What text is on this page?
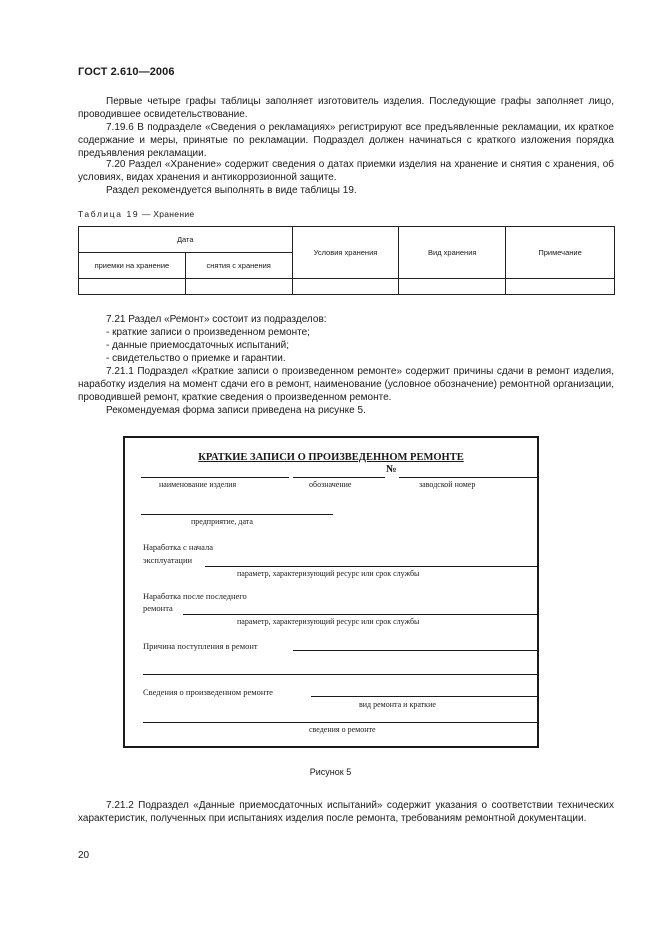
ГОСТ 2.610—2006
Первые четыре графы таблицы заполняет изготовитель изделия. Последующие графы заполняет лицо, проводившее освидетельствование.
7.19.6 В подразделе «Сведения о рекламациях» регистрируют все предъявленные рекламации, их краткое содержание и меры, принятые по рекламации. Подраздел должен начинаться с краткого изложения порядка предъявления рекламации.
7.20 Раздел «Хранение» содержит сведения о датах приемки изделия на хранение и снятия с хранения, об условиях, видах хранения и антикоррозионной защите.
Раздел рекомендуется выполнять в виде таблицы 19.
Таблица 19 — Хранение
Дата		Условия хранения	Вид хранения	Примечание
приемки на хранение	снятия с хранения			

7.21 Раздел «Ремонт» состоит из подразделов:
- краткие записи о произведенном ремонте;
- данные приемосдаточных испытаний;
- свидетельство о приемке и гарантии.
7.21.1 Подраздел «Краткие записи о произведенном ремонте» содержит причины сдачи в ремонт изделия, наработку изделия на момент сдачи его в ремонт, наименование (условное обозначение) ремонтной организации, проводившей ремонт, краткие сведения о произведенном ремонте.
Рекомендуемая форма записи приведена на рисунке 5.
КРАТКИЕ ЗАПИСИ О ПРОИЗВЕДЕННОМ РЕМОНТЕ
№
наименование изделия	обозначение	заводской номер
предприятие, дата
Наработка с начала
эксплуатации
параметр, характеризующий ресурс или срок службы
Наработка после последнего
ремонта
параметр, характеризующий ресурс или срок службы
Причина поступления в ремонт
Сведения о произведенном ремонте
вид ремонта и краткие
сведения о ремонте
Рисунок 5
7.21.2 Подраздел «Данные приемосдаточных испытаний» содержит указания о соответствии технических характеристик, полученных при испытаниях изделия после ремонта, требованиям ремонтной документации.
20
